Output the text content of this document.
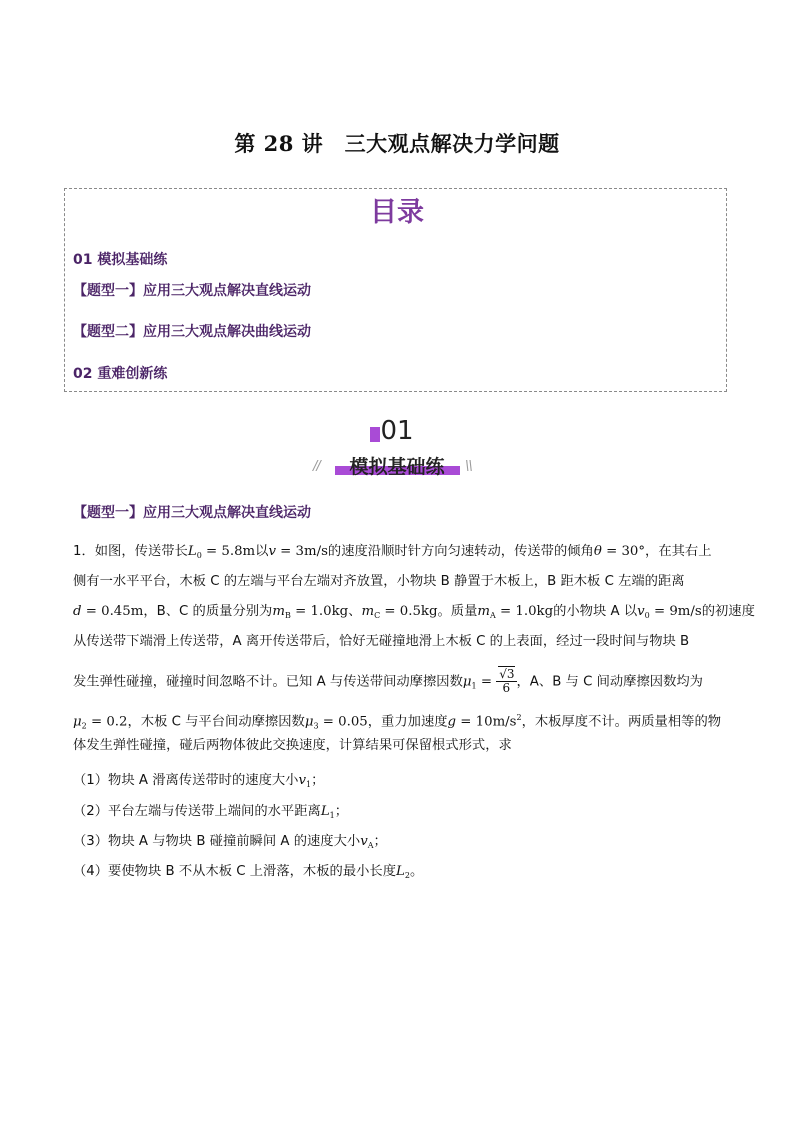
第 28 讲　三大观点解决力学问题
目录
01 模拟基础练
【题型一】应用三大观点解决直线运动
【题型二】应用三大观点解决曲线运动
02 重难创新练
01
//	模拟基础练	\\
【题型一】应用三大观点解决直线运动
1．如图，传送带长$L_0 = 5.8m$以v = 3m/s的速度沿顺时针方向匀速转动，传送带的倾角θ = 30°，在其右上
侧有一水平平台，木板 C 的左端与平台左端对齐放置，小物块 B 静置于木板上，B 距木板 C 左端的距离
d = 0.45m，B、C 的质量分别为$m_B = 1.0kg$、$m_C = 0.5kg$。质量$m_A = 1.0kg$的小物块 A 以$v_0 = 9m/s$的初速度
从传送带下端滑上传送带，A 离开传送带后，恰好无碰撞地滑上木板 C 的上表面，经过一段时间与物块 B
发生弹性碰撞，碰撞时间忽略不计。已知 A 与传送带间动摩擦因数$\mu_1 = \frac{√3}{6}$ ，A、B 与 C 间动摩擦因数均为
$\mu_2 = 0.2$，木板 C 与平台间动摩擦因数$\mu_3 = 0.05$，重力加速度$g = 10m/s^2$，木板厚度不计。两质量相等的物
体发生弹性碰撞，碰后两物体彼此交换速度，计算结果可保留根式形式，求
（1）物块 A 滑离传送带时的速度大小$v_1$；
（2）平台左端与传送带上端间的水平距离$L_1$；
（3）物块 A 与物块 B 碰撞前瞬间 A 的速度大小$v_A$；
（4）要使物块 B 不从木板 C 上滑落，木板的最小长度$L_2$。
